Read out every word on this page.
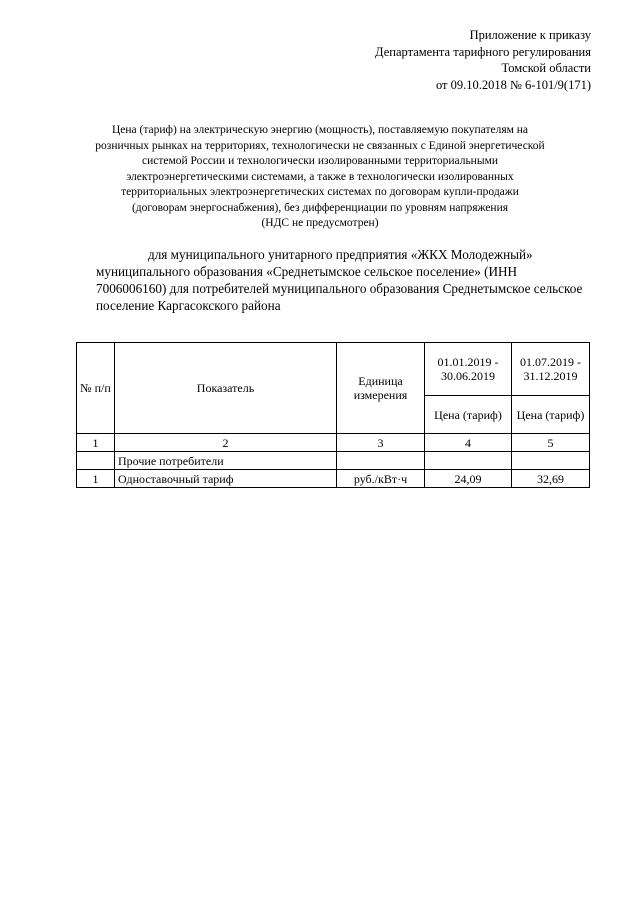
Приложение к приказу
Департамента тарифного регулирования
Томской области
от 09.10.2018 № 6-101/9(171)
Цена (тариф) на электрическую энергию (мощность), поставляемую покупателям на
розничных рынках на территориях, технологически не связанных с Единой энергетической
системой России и технологически изолированными территориальными
электроэнергетическими системами, а также в технологически изолированных
территориальных электроэнергетических системах по договорам купли-продажи
(договорам энергоснабжения), без дифференциации по уровням напряжения
(НДС не предусмотрен)
для муниципального унитарного предприятия «ЖКХ Молодежный» муниципального образования «Среднетымское сельское поселение» (ИНН 7006006160) для потребителей муниципального образования Среднетымское сельское поселение Каргасокского района
№ п/п	Показатель	Единица измерения	01.01.2019 - 30.06.2019	01.07.2019 - 31.12.2019
			Цена (тариф)	Цена (тариф)
1	2	3	4	5
	Прочие потребители			
1	Одноставочный тариф	руб./кВт·ч	24,09	32,69
